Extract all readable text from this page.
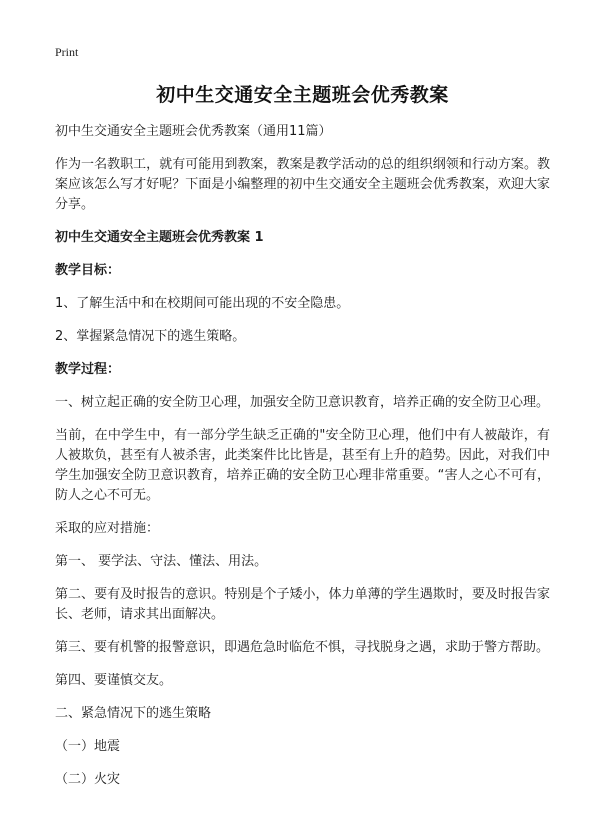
Print
初中生交通安全主题班会优秀教案

初中生交通安全主题班会优秀教案（通用11篇）

作为一名教职工，就有可能用到教案，教案是教学活动的总的组织纲领和行动方案。教案应该怎么写才好呢？下面是小编整理的初中生交通安全主题班会优秀教案，欢迎大家分享。

初中生交通安全主题班会优秀教案 1

教学目标：

1、了解生活中和在校期间可能出现的不安全隐患。

2、掌握紧急情况下的逃生策略。

教学过程：

一、树立起正确的安全防卫心理，加强安全防卫意识教育，培养正确的安全防卫心理。

当前，在中学生中，有一部分学生缺乏正确的"安全防卫心理，他们中有人被敲诈，有人被欺负，甚至有人被杀害，此类案件比比皆是，甚至有上升的趋势。因此，对我们中学生加强安全防卫意识教育，培养正确的安全防卫心理非常重要。“害人之心不可有，防人之心不可无。

采取的应对措施：

第一、 要学法、守法、懂法、用法。

第二、要有及时报告的意识。特别是个子矮小，体力单薄的学生遇欺时，要及时报告家长、老师，请求其出面解决。

第三、要有机警的报警意识，即遇危急时临危不惧，寻找脱身之遇，求助于警方帮助。

第四、要谨慎交友。

二、紧急情况下的逃生策略

（一）地震

（二）火灾
